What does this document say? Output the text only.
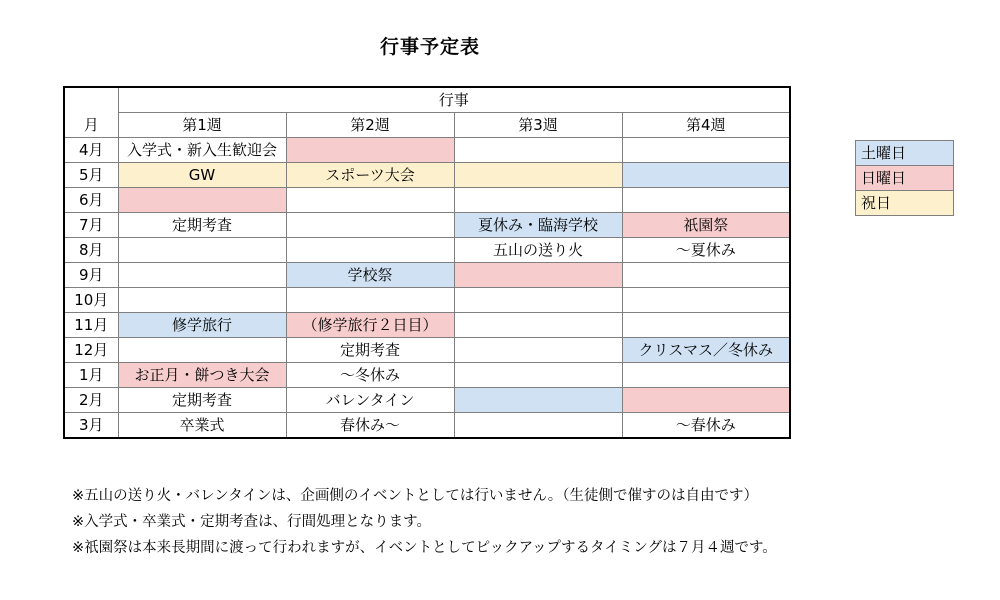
行事予定表
月	行事			
	第1週	第2週	第3週	第4週
4月	入学式・新入生歓迎会			
5月	GW	スポーツ大会		
6月				
7月	定期考査		夏休み・臨海学校	祇園祭
8月			五山の送り火	～夏休み
9月		学校祭		
10月				
11月	修学旅行	（修学旅行２日目）		
12月		定期考査		クリスマス／冬休み
1月	お正月・餅つき大会	～冬休み		
2月	定期考査	バレンタイン		
3月	卒業式	春休み～		～春休み
土曜日
日曜日
祝日
※五山の送り火・バレンタインは、企画側のイベントとしては行いません。（生徒側で催すのは自由です）
※入学式・卒業式・定期考査は、行間処理となります。
※祇園祭は本来長期間に渡って行われますが、イベントとしてピックアップするタイミングは７月４週です。
